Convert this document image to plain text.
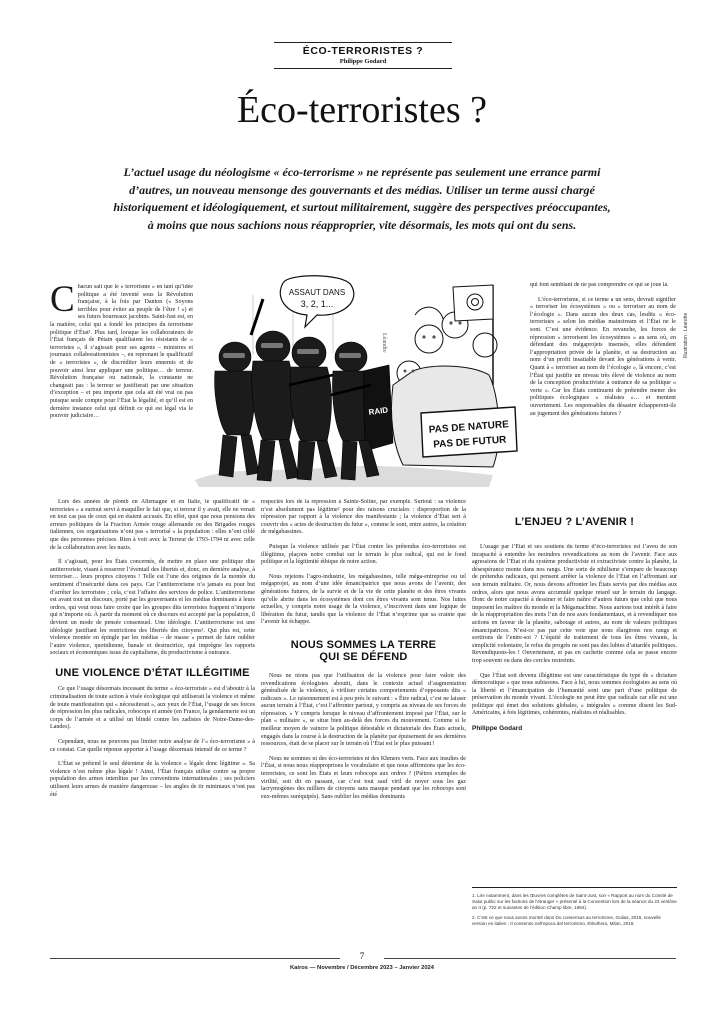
ÉCO-TERRORISTES ?
Philippe Godard
Éco-terroristes ?
L’actuel usage du néologisme « éco-terrorisme » ne représente pas seulement une errance parmi
d’autres, un nouveau mensonge des gouvernants et des médias. Utiliser un terme aussi chargé
historiquement et idéologiquement, et surtout militairement, suggère des perspectives préoccupantes,
à moins que nous sachions nous réapproprier, vite désormais, les mots qui ont du sens.
ASSAUT DANS
3, 2, 1...
RAID
PAS DE NATURE
PAS DE FUTUR
Léandre	Illustration : Léandre
C hacun sait que le « terrorisme » en tant qu’idée politique a été inventé sous la Révolution française, à la fois par Danton (« Soyons terribles pour éviter au peuple de l’être ! ») et ses futurs bourreaux jacobins. Saint-Just est, en la matière, celui qui a fondé les principes du terrorisme politique d’État¹. Plus tard, lorsque les collaborateurs de l’État français de Pétain qualifiaient les résistants de « terroristes », il s’agissait pour ses agents – ministres et journaux collaborationnistes –, en reprenant le qualificatif de « terroristes », de discréditer leurs ennemis et de pouvoir ainsi leur appliquer une politique… de terreur. Révolution française ou nationale, la constante ne changeait pas : la terreur se justifierait par une situation d’exception – et peu importe que cela ait été vrai ou pas puisque seule compte pour l’État la légalité, et qu’il est en dernière instance celui qui définit ce qui est légal via le pouvoir judiciaire…

Lors des années de plomb en Allemagne et en Italie, le qualificatif de « terroristes » a surtout servi à maquiller le fait que, si terreur il y avait, elle ne venait en tout cas pas de ceux qui en étaient accusés. En effet, quoi que nous pensions des erreurs politiques de la Fraction Armée rouge allemande ou des Brigades rouges italiennes, ces organisations n’ont pas « terrorisé » la population : elles n’ont ciblé que des personnes précises. Rien à voir avec la Terreur de 1793-1794 ni avec celle de la collaboration avec les nazis.

Il s’agissait, pour les États concernés, de mettre en place une politique dite antiterroriste, visant à resserrer l’éventail des libertés et, donc, en dernière analyse, à terroriser… leurs propres citoyens ! Telle est l’une des origines de la montée du sentiment d’insécurité dans ces pays. Car l’antiterrorisme n’a jamais eu pour but d’arrêter les terroristes ; cela, c’est l’affaire des services de police. L’antiterrorisme est avant tout un discours, porté par les gouvernants et les médias dominants à leurs ordres, qui veut nous faire croire que les groupes dits terroristes frappent n’importe qui n’importe où. À partir du moment où ce discours est accepté par la population, il devient un mode de pensée consensuel. Une idéologie. L’antiterrorisme est une idéologie justifiant les restrictions des libertés des citoyens². Qui plus est, cette violence montée en épingle par les médias – de masse » permet de faire oublier l’autre violence, quotidienne, banale et destructrice, qui imprègne les rapports sociaux et économiques issus du capitalisme, du productivisme à outrance.

UNE VIOLENCE D’ÉTAT ILLÉGITIME

Ce que l’usage désormais incessant du terme « éco-terroriste » est d’aboutir à la criminalisation de toute action à visée écologique qui utiliserait la violence et même de toute manifestation qui « nécessiterait », aux yeux de l’État, l’usage de ses forces de répression les plus radicales, robocops et armée (en France, la gendarmerie est un corps de l’armée et a utilisé un blindé contre les zadistes de Notre-Dame-des-Landes).

Cependant, nous ne pouvons pas limiter notre analyse de l’« éco-terrorisme » à ce constat. Car quelle réponse apporter à l’usage désormais intensif de ce terme ?

L’État se prétend le seul détenteur de la violence « légale donc légitime ». Sa violence n’est même plus légale ! Ainsi, l’État français utilise contre sa propre population des armes interdites par les conventions internationales ; ses policiers utilisent leurs armes de manière dangereuse – les angles de tir minimaux n’ont pas été

respectés lors de la répression à Sainte-Soline, par exemple. Surtout : sa violence n’est absolument pas légitime² pour des raisons cruciales : disproportion de la répression par rapport à la violence des manifestants ; la violence d’État sert à couvrir des « actes de destruction du futur », comme le sont, entre autres, la création de mégabassines.

Puisque la violence utilisée par l’État contre les prétendus éco-terroristes est illégitime, plaçons notre combat sur le terrain le plus radical, qui est le fond politique et la légitimité éthique de notre action.

Nous rejetons l’agro-industrie, les mégabassines, telle méga-entreprise ou tel mégaprojet, au nom d’une idée émancipatrice que nous avons de l’avenir, des générations futures, de la survie et de la vie de cette planète et des êtres vivants qu’elle abrite dans les écosystèmes dont ces êtres vivants sont tenus. Nos luttes actuelles, y compris notre usage de la violence, s’inscrivent dans une logique de libération du futur, tandis que la violence de l’État n’exprime que sa crainte que l’avenir lui échappe.

NOUS SOMMES LA TERRE
QUI SE DÉFEND

Nous ne nions pas que l’utilisation de la violence pour faire valoir des revendications écologistes aboutit, dans le contexte actuel d’augmentation généralisée de la violence, à viriliser certains comportements d’opposants dits « radicaux ». Le raisonnement est à peu près le suivant : « Être radical, c’est ne laisser aucun terrain à l’État, c’est l’affronter partout, y compris au niveau de ses forces de répression. » Y compris lorsque le niveau d’affrontement imposé par l’État, sur le plan « militaire », se situe bien au-delà des forces du mouvement. Comme si le meilleur moyen de vaincre la politique détestable et dictatoriale des États actuels, engagés dans la course à la destruction de la planète par épuisement de ses dernières ressources, était de se placer sur le terrain où l’État est le plus puissant !

Nous ne sommes ni des éco-terroristes ni des Khmers verts. Face aux insultes de l’État, si nous nous réapproprions le vocabulaire et que nous affirmions que les éco-terroristes, ce sont les États et leurs robocops aux ordres ? (Piètres exemples de virilité, soit dit en passant, car c’est tout sauf viril de noyer sous les gaz lacrymogènes des milliers de citoyens sans masque pendant que les robocops sont eux-mêmes suréquipés). Sans oublier les médias dominants

qui font semblant de ne pas comprendre ce qui se joue là.

L’éco-terrorisme, si ce terme a un sens, devrait signifier « terroriser les écosystèmes » ou « terroriser au nom de l’écologie ». Dans aucun des deux cas, lesdits « éco-terroristes » selon les médias mainstream et l’État ne le sont. C’est une évidence. En revanche, les forces de répression « terrorisent les écosystèmes » au sens où, en défendant des mégaprojets insensés, elles défendent l’appropriation privée de la planète, et sa destruction au nom d’un profit insatiable devant les générations à venir. Quant à « terroriser au nom de l’écologie », là encore, c’est l’État qui justifie un niveau très élevé de violence au nom de la conception productiviste à outrance de sa politique « verte ». Car les États continuent de prétendre mener des politiques écologiques « réalistes »… et mentent ouvertement. Les responsables du désastre échapperont-ils au jugement des générations futures ?

L’ENJEU ? L’AVENIR !

L’usage par l’État et ses soutiens du terme d’éco-terroristes est l’aveu de son incapacité à entendre les moindres revendications au nom de l’avenir. Face aux agressions de l’État et du système productiviste et extractiviste contre la planète, la désespérance monte dans nos rangs. Une sorte de nihilisme s’empare de beaucoup de prétendus radicaux, qui pensent arrêter la violence de l’État en l’affrontant sur son terrain militaire. Or, nous devons affronter les États servis par des médias aux ordres, alors que nous avons accumulé quelque retard sur le terrain du langage. Donc de notre capacité à dessiner et faire naître d’autres futurs que celui que nous imposent les maîtres du monde et la Mégamachine. Nous aurions tout intérêt à faire de la réappropriation des mots l’un de nos axes fondamentaux, et à revendiquer nos actions en faveur de la planète, sabotage et autres, au nom de valeurs politiques émancipatrices. N’est-ce pas par cette voie que nous élargirons nos rangs et sortirons de l’entre-soi ? L’équité de traitement de tous les êtres vivants, la simplicité volontaire, le refus du progrès ne sont pas des lubies d’attardés politiques. Revendiquons-les ! Ouvertement, et pas en cachette comme cela se passe encore trop souvent ou dans des cercles restreints.

Que l’État soit devenu illégitime est une caractéristique du type de « dictature démocratique » que nous subissons. Face à lui, nous sommes écologistes au sens où la liberté et l’émancipation de l’humanité sont une part d’une politique de préservation du monde vivant. L’écologie ne peut être que radicale car elle est une politique qui émet des solutions globales, « intégrales » comme disent les Sud-Américains, à fois légitimes, cohérentes, réalistes et réalisables.

Philippe Godard
1. Lire notamment, dans les Œuvres complètes de Saint-Just, son « Rapport au nom du Comité de Salut public sur les factions de l’étranger » présenté à la Convention lors de la séance du 23 ventôse an II (p. 722 et suivantes de l’édition Champ libre, 1984).
2. C’est ce que nous avons montré dans Du consensus au terrorisme, Golias, 2016, nouvelle version en italien : Il consenso nell’epoca del terrorismo, Elèuthera, Milan, 2018.
7
Kairos — Novembre / Décembre 2023 – Janvier 2024
